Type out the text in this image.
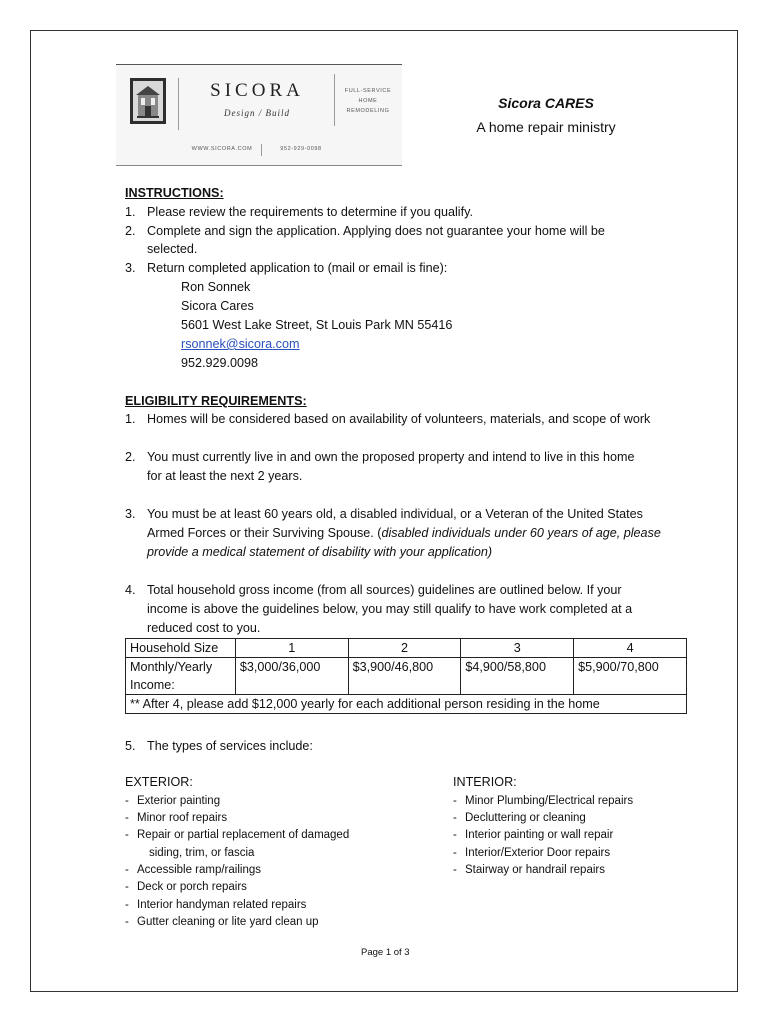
SICORA
Design / Build
FULL-SERVICE
HOME
REMODELING
WWW.SICORA.COM	952-929-0098
Sicora CARES
A home repair ministry
INSTRUCTIONS:
1. Please review the requirements to determine if you qualify.
2. Complete and sign the application. Applying does not guarantee your home will be
selected.
3. Return completed application to (mail or email is fine):
Ron Sonnek
Sicora Cares
5601 West Lake Street, St Louis Park MN 55416
rsonnek@sicora.com
952.929.0098
ELIGIBILITY REQUIREMENTS:
1. Homes will be considered based on availability of volunteers, materials, and scope of work
2. You must currently live in and own the proposed property and intend to live in this home
for at least the next 2 years.
3. You must be at least 60 years old, a disabled individual, or a Veteran of the United States
Armed Forces or their Surviving Spouse. (disabled individuals under 60 years of age, please
provide a medical statement of disability with your application)
4. Total household gross income (from all sources) guidelines are outlined below. If your
income is above the guidelines below, you may still qualify to have work completed at a
reduced cost to you.
Household Size	1	2	3	4

Monthly/Yearly
Income:	$3,000/36,000	$3,900/46,800	$4,900/58,800	$5,900/70,800
** After 4, please add $12,000 yearly for each additional person residing in the home				
5. The types of services include:
EXTERIOR:
- Exterior painting
- Minor roof repairs
- Repair or partial replacement of damaged
siding, trim, or fascia
- Accessible ramp/railings
- Deck or porch repairs
- Interior handyman related repairs
- Gutter cleaning or lite yard clean up
INTERIOR:
- Minor Plumbing/Electrical repairs
- Decluttering or cleaning
- Interior painting or wall repair
- Interior/Exterior Door repairs
- Stairway or handrail repairs
Page 1 of 3
